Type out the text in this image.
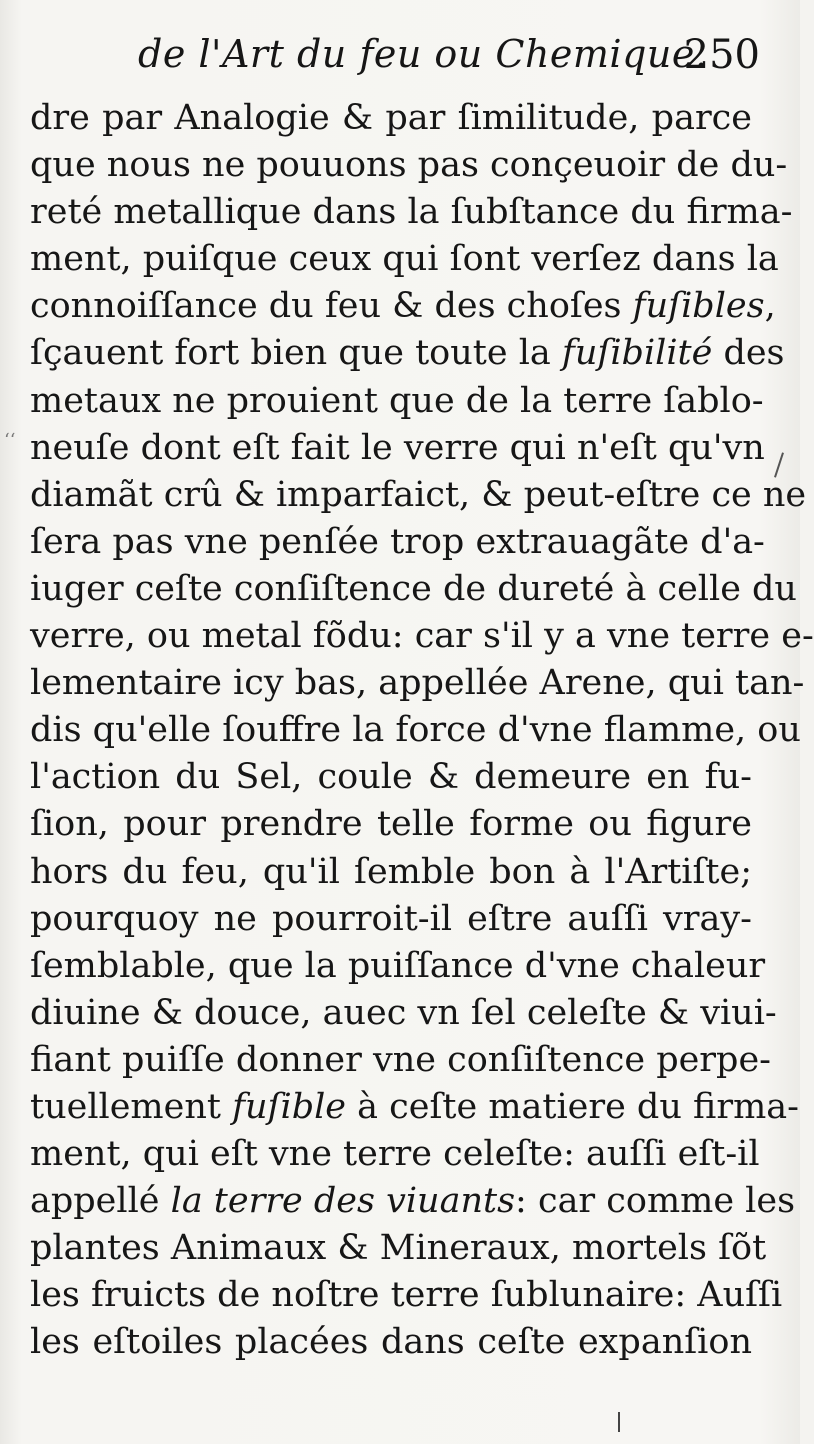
de l'Art du feu ou Chemique.
250
dre par Analogie & par ſimilitude, parce
que nous ne pouuons pas conçeuoir de du-
reté metallique dans la ſubſtance du firma-
ment, puiſque ceux qui ſont verſez dans la
connoiſſance du feu & des choſes fuſibles,
ſçauent fort bien que toute la fuſibilité des
metaux ne prouient que de la terre ſablo-
neuſe dont eſt fait le verre qui n'eſt qu'vn
diamãt crû & imparfaict, & peut-eſtre ce ne
ſera pas vne penſée trop extrauagãte d'a-
iuger ceſte conſiſtence de dureté à celle du
verre, ou metal fõdu: car s'il y a vne terre e-
lementaire icy bas, appellée Arene, qui tan-
dis qu'elle ſouffre la force d'vne flamme, ou
l'action du Sel, coule & demeure en fu-
ſion, pour prendre telle forme ou figure
hors du feu, qu'il ſemble bon à l'Artiſte;
pourquoy ne pourroit-il eſtre auſſi vray-
ſemblable, que la puiſſance d'vne chaleur
diuine & douce, auec vn ſel celeſte & viui-
fiant puiſſe donner vne conſiſtence perpe-
tuellement fuſible à ceſte matiere du firma-
ment, qui eſt vne terre celeſte: auſſi eſt-il
appellé la terre des viuants: car comme les
plantes Animaux & Mineraux, mortels ſõt
les fruicts de noſtre terre ſublunaire: Auſſi
les eſtoiles placées dans ceſte expanſion
‘‘
